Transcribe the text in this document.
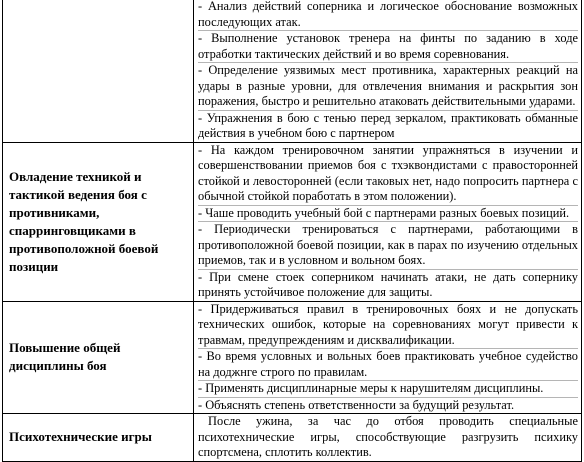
	- Анализ действий соперника и логическое обоснование возможных последующих атак.
- Выполнение установок тренера на финты по заданию в ходе отработки тактических действий и во время соревнования.
- Определение уязвимых мест противника, характерных реакций на удары в разные уровни, для отвлечения внимания и раскрытия зон поражения, быстро и решительно атаковать действительными ударами.
- Упражнения в бою с тенью перед зеркалом, практиковать обманные действия в учебном бою с партнером

Овладение техникой и тактикой ведения боя с противниками, спарринговщиками в противоположной боевой позиции	- На каждом тренировочном занятии упражняться в изучении и совершенствовании приемов боя с тхэквондистами с правосторонней стойкой и левосторонней (если таковых нет, надо попросить партнера с обычной стойкой поработать в этом положении).
- Чаше проводить учебный бой с партнерами разных боевых позиций.
- Периодически тренироваться с партнерами, работающими в противоположной боевой позиции, как в парах по изучению отдельных приемов, так и в условном и вольном боях.
- При смене стоек соперником начинать атаки, не дать сопернику принять устойчивое положение для защиты.

Повышение общей дисциплины боя	- Придерживаться правил в тренировочных боях и не допускать технических ошибок, которые на соревнованиях могут привести к травмам, предупреждениям и дисквалификации.
- Во время условных и вольных боев практиковать учебное судейство на доджнге строго по правилам.
- Применять дисциплинарные меры к нарушителям дисциплины.
- Объяснять степень ответственности за будущий результат.

Психотехнические игры	После ужина, за час до отбоя проводить специальные психотехнические игры, способствующие разгрузить психику спортсмена, сплотить коллектив.
